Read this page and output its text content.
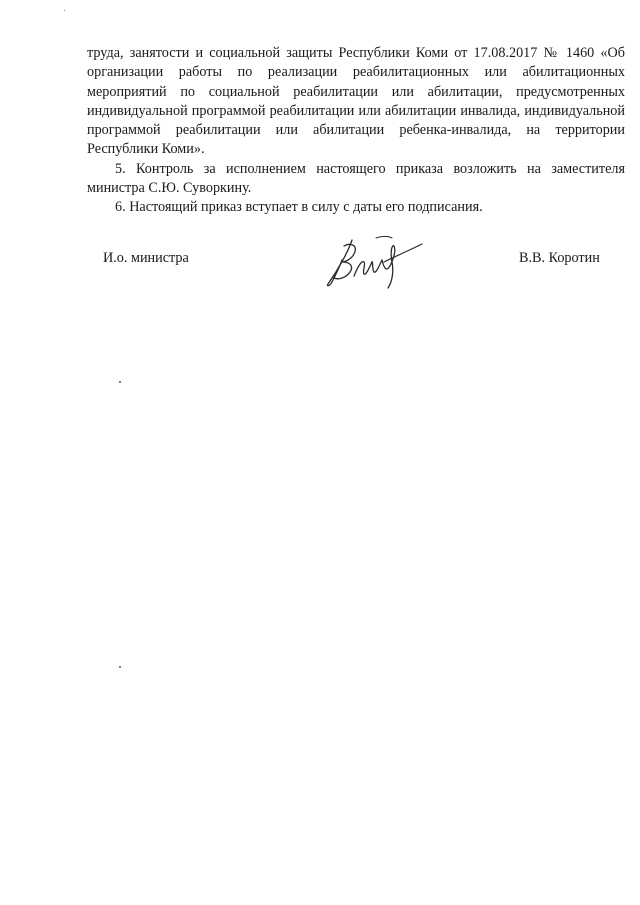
труда, занятости и социальной защиты Республики Коми от 17.08.2017 № 1460 «Об организации работы по реализации реабилитационных или абилитационных мероприятий по социальной реабилитации или абилитации, предусмотренных индивидуальной программой реабилитации или абилитации инвалида, индивидуальной программой реабилитации или абилитации ребенка-инвалида, на территории Республики Коми».

5. Контроль за исполнением настоящего приказа возложить на заместителя министра С.Ю. Суворкину.

6. Настоящий приказ вступает в силу с даты его подписания.

И.о. министра	В.В. Коротин
